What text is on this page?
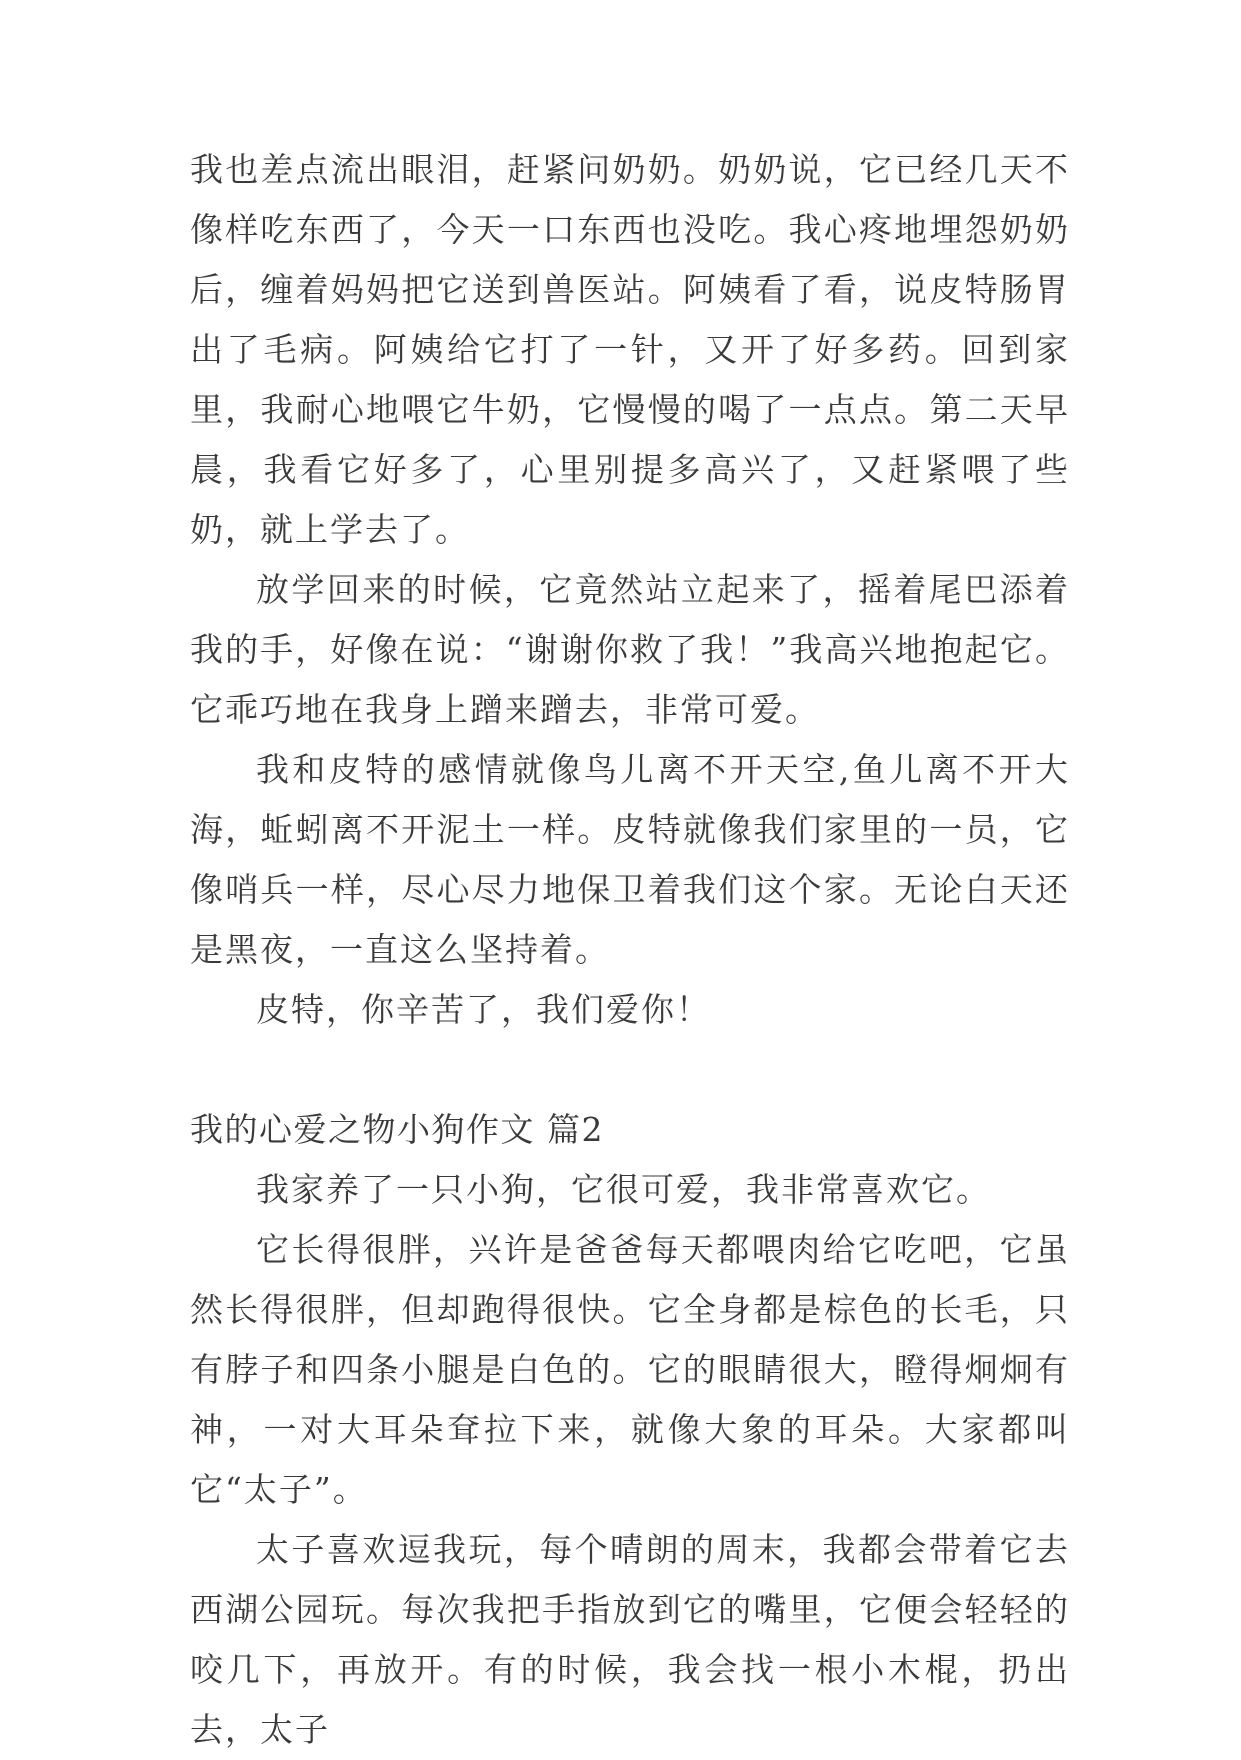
我也差点流出眼泪，赶紧问奶奶。奶奶说，它已经几天不像样吃东西了，今天一口东西也没吃。我心疼地埋怨奶奶后，缠着妈妈把它送到兽医站。阿姨看了看，说皮特肠胃出了毛病。阿姨给它打了一针，又开了好多药。回到家里，我耐心地喂它牛奶，它慢慢的喝了一点点。第二天早晨，我看它好多了，心里别提多高兴了，又赶紧喂了些奶，就上学去了。

放学回来的时候，它竟然站立起来了，摇着尾巴添着我的手，好像在说：“谢谢你救了我！”我高兴地抱起它。它乖巧地在我身上蹭来蹭去，非常可爱。

我和皮特的感情就像鸟儿离不开天空,鱼儿离不开大海，蚯蚓离不开泥土一样。皮特就像我们家里的一员，它像哨兵一样，尽心尽力地保卫着我们这个家。无论白天还是黑夜，一直这么坚持着。

皮特，你辛苦了，我们爱你！

我的心爱之物小狗作文 篇2

我家养了一只小狗，它很可爱，我非常喜欢它。

它长得很胖，兴许是爸爸每天都喂肉给它吃吧，它虽然长得很胖，但却跑得很快。它全身都是棕色的长毛，只有脖子和四条小腿是白色的。它的眼睛很大，瞪得炯炯有神，一对大耳朵耷拉下来，就像大象的耳朵。大家都叫它“太子”。

太子喜欢逗我玩，每个晴朗的周末，我都会带着它去西湖公园玩。每次我把手指放到它的嘴里，它便会轻轻的咬几下，再放开。有的时候，我会找一根小木棍，扔出去，太子
